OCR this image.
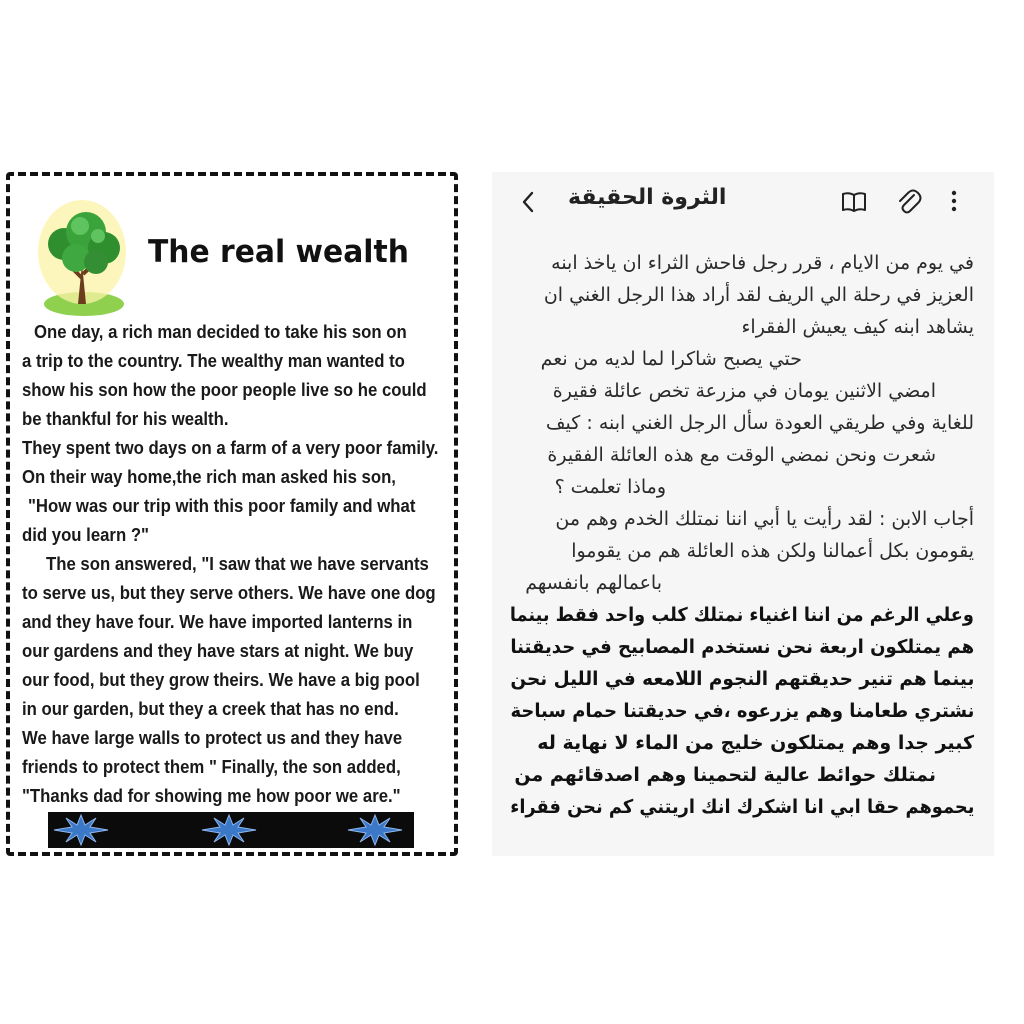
The real wealth
One day, a rich man decided to take his son on
a trip to the country. The wealthy man wanted to
show his son how the poor people live so he could
be thankful for his wealth.
They spent two days on a farm of a very poor family.
On their way home,the rich man asked his son,
"How was our trip with this poor family and what
did you learn ?"
The son answered, "I saw that we have servants
to serve us, but they serve others. We have one dog
and they have four. We have imported lanterns in
our gardens and they have stars at night. We buy
our food, but they grow theirs. We have a big pool
in our garden, but they a creek that has no end.
We have large walls to protect us and they have
friends to protect them " Finally, the son added,
"Thanks dad for showing me how poor we are."
الثروة الحقيقة
في يوم من الايام ، قرر رجل فاحش الثراء ان ياخذ ابنه
العزيز في رحلة الي الريف لقد أراد هذا الرجل الغني ان
يشاهد ابنه كيف يعيش الفقراء
حتي يصبح شاكرا لما لديه من نعم
امضي الاثنين يومان في مزرعة تخص عائلة فقيرة
للغاية وفي طريقي العودة سأل الرجل الغني ابنه : كيف
شعرت ونحن نمضي الوقت مع هذه العائلة الفقيرة
وماذا تعلمت ؟
أجاب الابن : لقد رأيت يا أبي اننا نمتلك الخدم وهم من
يقومون بكل أعمالنا ولكن هذه العائلة هم من يقوموا
باعمالهم بانفسهم
وعلي الرغم من اننا اغنياء نمتلك كلب واحد فقط بينما
هم يمتلكون اربعة نحن نستخدم المصابيح في حديقتنا
بينما هم تنير حديقتهم النجوم اللامعه في الليل نحن
نشتري طعامنا وهم يزرعوه ،في حديقتنا حمام سباحة
كبير جدا وهم يمتلكون خليج من الماء لا نهاية له
نمتلك حوائط عالية لتحمينا وهم اصدقائهم من
يحموهم حقا ابي انا اشكرك انك اريتني كم نحن فقراء
